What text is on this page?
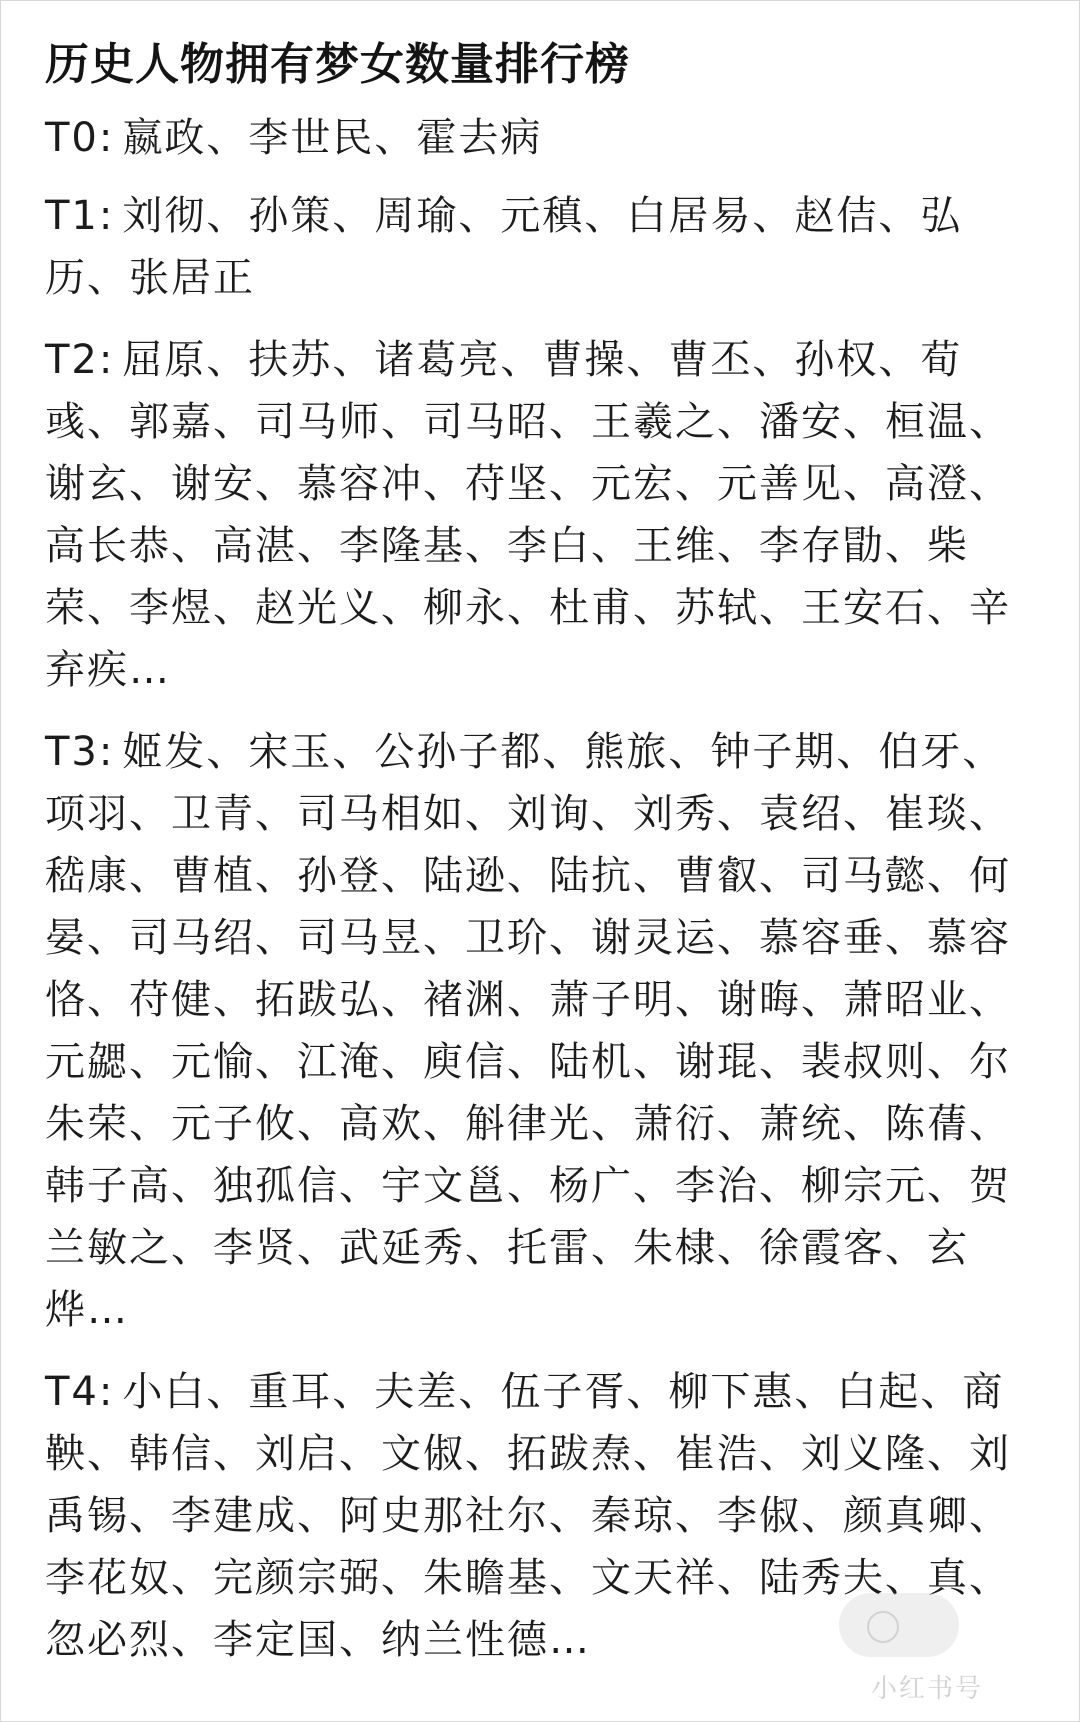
历史人物拥有梦女数量排行榜
T0: 嬴政、李世民、霍去病
T1: 刘彻、孙策、周瑜、元稹、白居易、赵佶、弘历、张居正
T2: 屈原、扶苏、诸葛亮、曹操、曹丕、孙权、荀彧、郭嘉、司马师、司马昭、王羲之、潘安、桓温、谢玄、谢安、慕容冲、苻坚、元宏、元善见、高澄、高长恭、高湛、李隆基、李白、王维、李存勖、柴荣、李煜、赵光义、柳永、杜甫、苏轼、王安石、辛弃疾…
T3: 姬发、宋玉、公孙子都、熊旅、钟子期、伯牙、项羽、卫青、司马相如、刘询、刘秀、袁绍、崔琰、嵇康、曹植、孙登、陆逊、陆抗、曹叡、司马懿、何晏、司马绍、司马昱、卫玠、谢灵运、慕容垂、慕容恪、苻健、拓跋弘、褚渊、萧子明、谢晦、萧昭业、元勰、元愉、江淹、庾信、陆机、谢琨、裴叔则、尔朱荣、元子攸、高欢、斛律光、萧衍、萧统、陈蒨、韩子高、独孤信、宇文邕、杨广、李治、柳宗元、贺兰敏之、李贤、武延秀、托雷、朱棣、徐霞客、玄烨…
T4: 小白、重耳、夫差、伍子胥、柳下惠、白起、商鞅、韩信、刘启、文俶、拓跋焘、崔浩、刘义隆、刘禹锡、李建成、阿史那社尔、秦琼、李俶、颜真卿、李花奴、完颜宗弼、朱瞻基、文天祥、陆秀夫、真、忽必烈、李定国、纳兰性德…
小红书号
